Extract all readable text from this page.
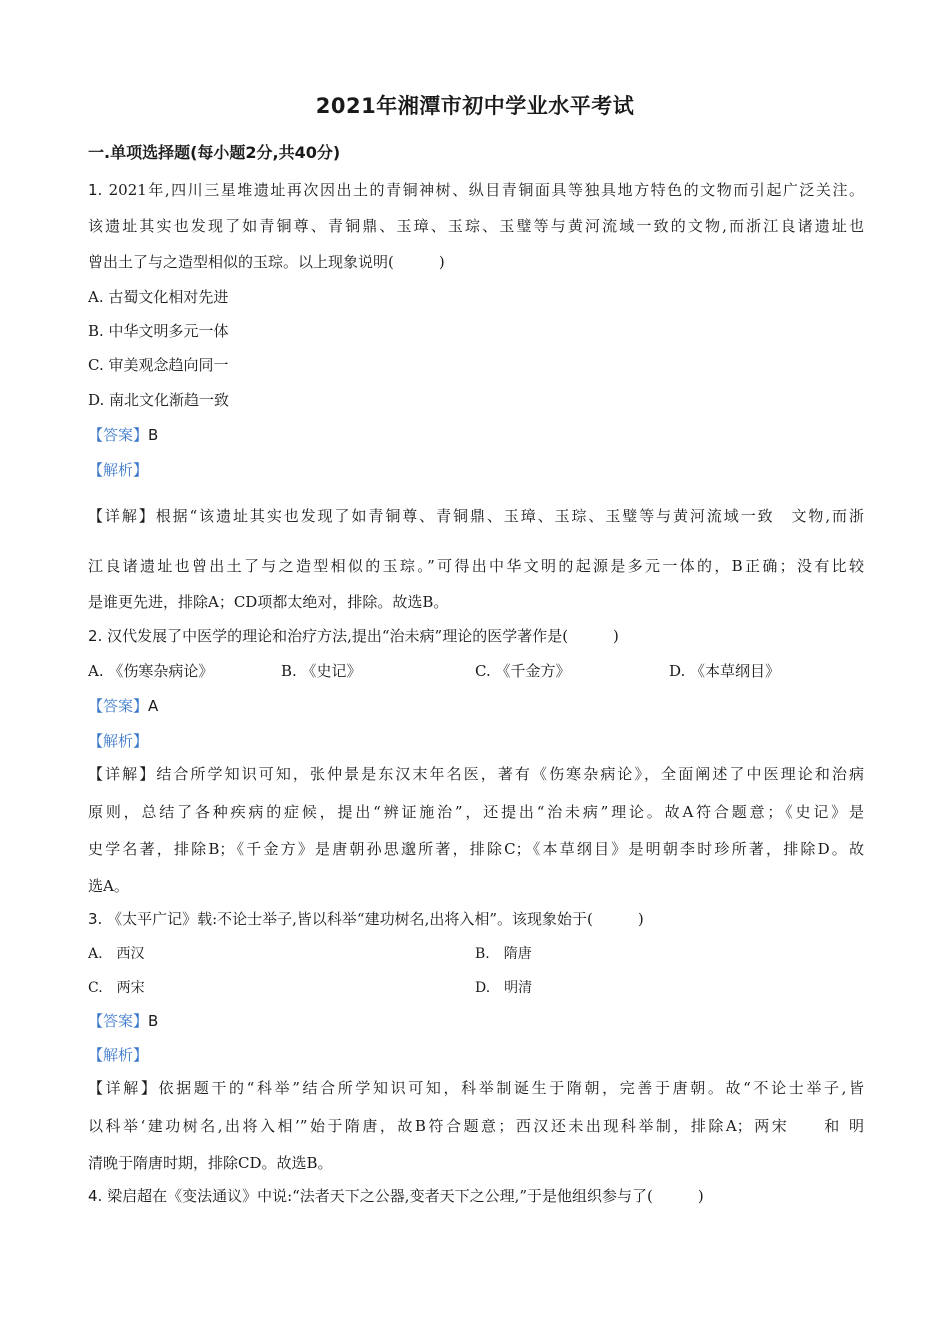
2021年湘潭市初中学业水平考试
一.单项选择题(每小题2分,共40分)
1. 2021年,四川三星堆遗址再次因出土的青铜神树、纵目青铜面具等独具地方特色的文物而引起广泛关注。
该遗址其实也发现了如青铜尊、青铜鼎、玉璋、玉琮、玉璧等与黄河流域一致的文物,而浙江良诸遗址也
曾出土了与之造型相似的玉琮。以上现象说明(　　　)
A. 古蜀文化相对先进
B. 中华文明多元一体
C. 审美观念趋向同一
D. 南北文化渐趋一致
【答案】B
【解析】
【详解】根据“该遗址其实也发现了如青铜尊、青铜鼎、玉璋、玉琮、玉璧等与黄河流域一致　文物,而浙
江良诸遗址也曾出土了与之造型相似的玉琮。”可得出中华文明的起源是多元一体的，B正确；没有比较
是谁更先进，排除A；CD项都太绝对，排除。故选B。
2. 汉代发展了中医学的理论和治疗方法,提出“治未病”理论的医学著作是(　　　)
A. 《伤寒杂病论》	B. 《史记》	C. 《千金方》	D. 《本草纲目》
【答案】A
【解析】
【详解】结合所学知识可知，张仲景是东汉末年名医，著有《伤寒杂病论》，全面阐述了中医理论和治病
原则，总结了各种疾病的症候，提出“辨证施治”，还提出“治未病”理论。故A符合题意；《史记》是
史学名著，排除B；《千金方》是唐朝孙思邈所著，排除C；《本草纲目》是明朝李时珍所著，排除D。故
选A。
3. 《太平广记》载:不论士举子,皆以科举“建功树名,出将入相”。该现象始于(　　　)
A.　西汉	B.　隋唐
C.　两宋	D.　明清
【答案】B
【解析】
【详解】依据题干的“科举”结合所学知识可知，科举制诞生于隋朝，完善于唐朝。故“不论士举子,皆
以科举‘建功树名,出将入相’”始于隋唐，故B符合题意；西汉还未出现科举制，排除A；两宋　　和 明
清晚于隋唐时期，排除CD。故选B。
4. 梁启超在《变法通议》中说:“法者天下之公器,变者天下之公理,”于是他组织参与了(　　　)
